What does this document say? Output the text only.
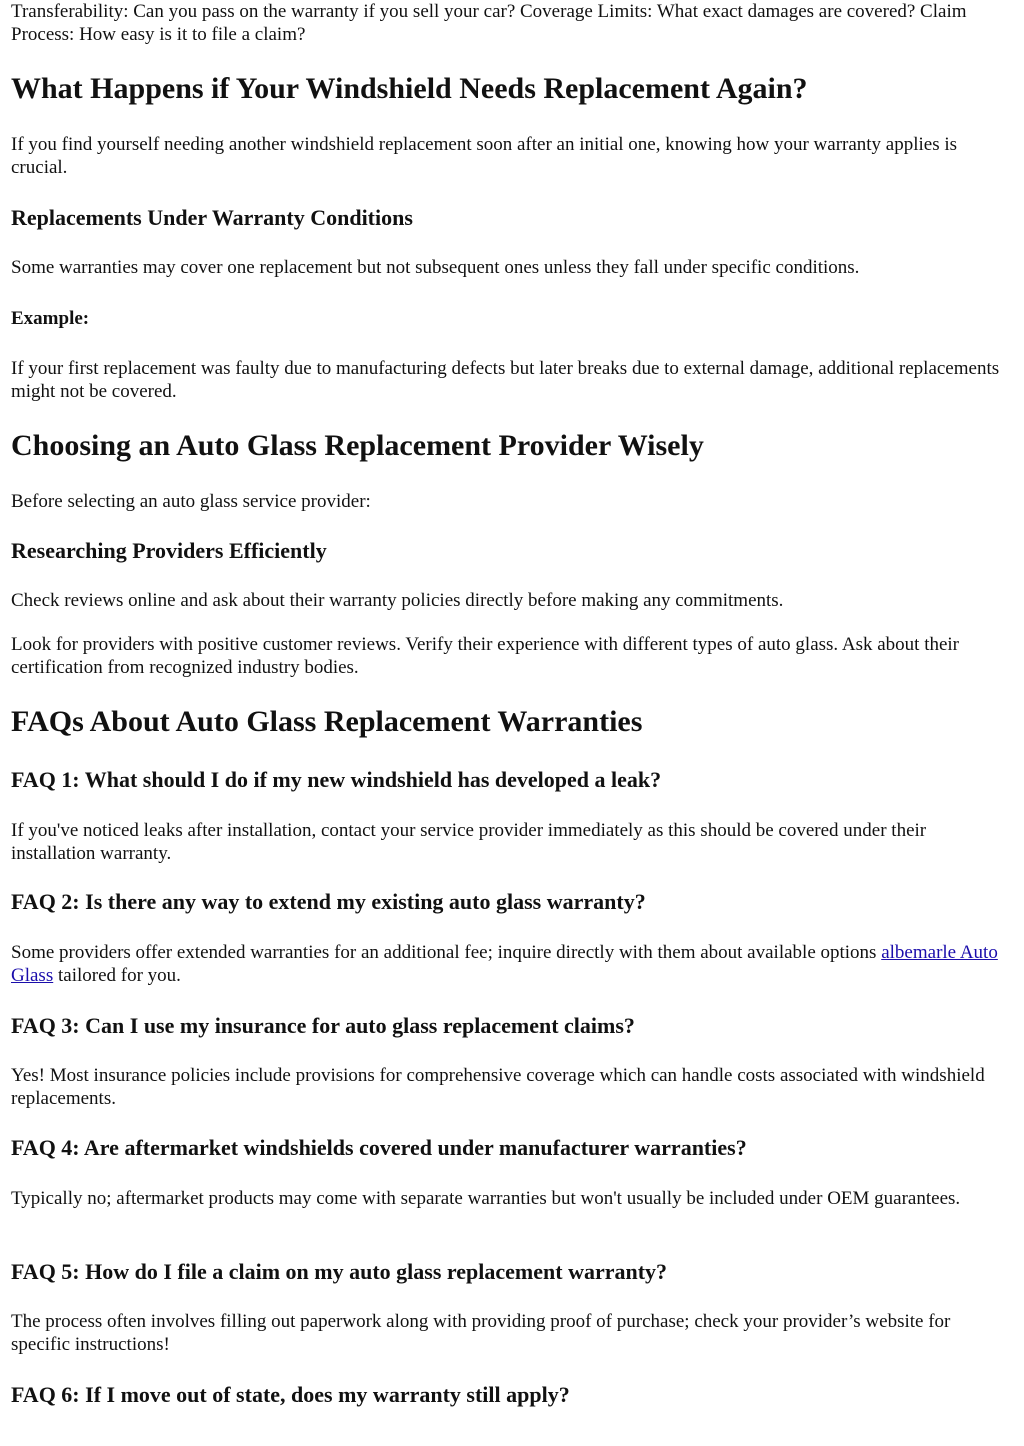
Transferability: Can you pass on the warranty if you sell your car? Coverage Limits: What exact damages are covered? Claim Process: How easy is it to file a claim?

What Happens if Your Windshield Needs Replacement Again?

If you find yourself needing another windshield replacement soon after an initial one, knowing how your warranty applies is crucial.

Replacements Under Warranty Conditions

Some warranties may cover one replacement but not subsequent ones unless they fall under specific conditions.

Example:

If your first replacement was faulty due to manufacturing defects but later breaks due to external damage, additional replacements might not be covered.

Choosing an Auto Glass Replacement Provider Wisely

Before selecting an auto glass service provider:

Researching Providers Efficiently

Check reviews online and ask about their warranty policies directly before making any commitments.

Look for providers with positive customer reviews. Verify their experience with different types of auto glass. Ask about their certification from recognized industry bodies.

FAQs About Auto Glass Replacement Warranties
FAQ 1: What should I do if my new windshield has developed a leak?

If you've noticed leaks after installation, contact your service provider immediately as this should be covered under their installation warranty.

FAQ 2: Is there any way to extend my existing auto glass warranty?

Some providers offer extended warranties for an additional fee; inquire directly with them about available options albemarle Auto Glass tailored for you.

FAQ 3: Can I use my insurance for auto glass replacement claims?

Yes! Most insurance policies include provisions for comprehensive coverage which can handle costs associated with windshield replacements.

FAQ 4: Are aftermarket windshields covered under manufacturer warranties?

Typically no; aftermarket products may come with separate warranties but won't usually be included under OEM guarantees.

FAQ 5: How do I file a claim on my auto glass replacement warranty?

The process often involves filling out paperwork along with providing proof of purchase; check your provider’s website for specific instructions!

FAQ 6: If I move out of state, does my warranty still apply?
